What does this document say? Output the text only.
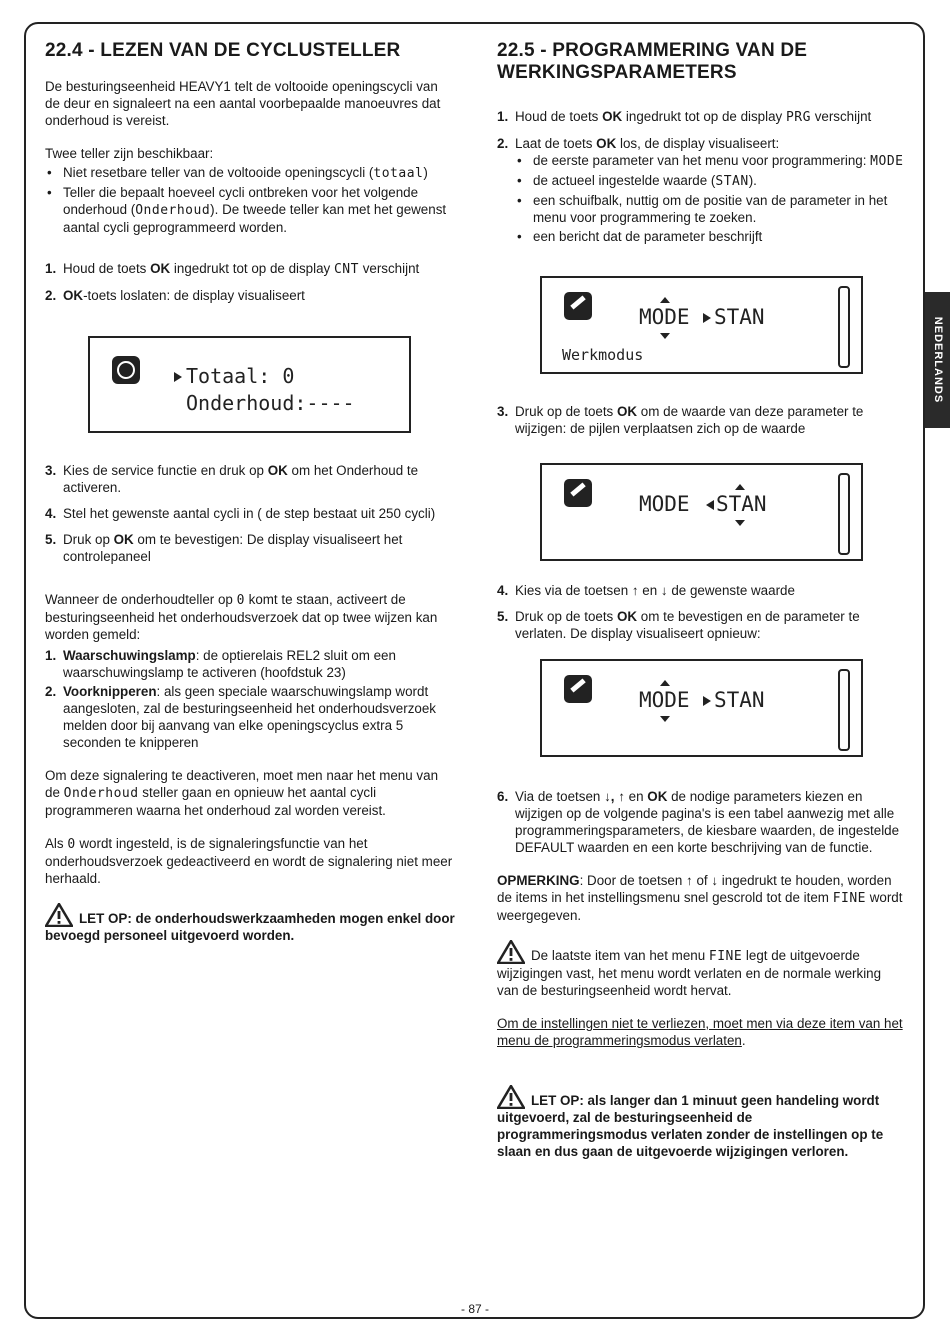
NEDERLANDS
22.4 - LEZEN VAN DE CYCLUSTELLER

De besturingseenheid HEAVY1 telt de voltooide openingscycli van de deur en signaleert na een aantal voorbepaalde manoeuvres dat onderhoud is vereist.

Twee teller zijn beschikbaar:

• Niet resetbare teller van de voltooide openingscycli (totaal)
• Teller die bepaalt hoeveel cycli ontbreken voor het volgende onderhoud (Onderhoud). De tweede teller kan met het gewenst aantal cycli geprogrammeerd worden.
1. Houd de toets OK ingedrukt tot op de display CNT verschijnt
2. OK-toets loslaten: de display visualiseert
Totaal: 0
Onderhoud:----
3. Kies de service functie en druk op OK om het Onderhoud te activeren.
4. Stel het gewenste aantal cycli in ( de step bestaat uit 250 cycli)
5. Druk op OK om te bevestigen: De display visualiseert het controlepaneel

Wanneer de onderhoudteller op 0 komt te staan, activeert de besturingseenheid het onderhoudsverzoek dat op twee wijzen kan worden gemeld:

1. Waarschuwingslamp: de optierelais REL2 sluit om een waarschuwingslamp te activeren (hoofdstuk 23)
2. Voorknipperen: als geen speciale waarschuwingslamp wordt aangesloten, zal de besturingseenheid het onderhoudsverzoek melden door bij aanvang van elke openingscyclus extra 5 seconden te knipperen

Om deze signalering te deactiveren, moet men naar het menu van de Onderhoud steller gaan en opnieuw het aantal cycli programmeren waarna het onderhoud zal worden vereist.

Als 0 wordt ingesteld, is de signaleringsfunctie van het onderhoudsverzoek gedeactiveerd en wordt de signalering niet meer herhaald.

LET OP: de onderhoudswerkzaamheden mogen enkel door bevoegd personeel uitgevoerd worden.

22.5 - PROGRAMMERING VAN DE WERKINGSPARAMETERS
1. Houd de toets OK ingedrukt tot op de display PRG verschijnt
2. Laat de toets OK los, de display visualiseert:
• de eerste parameter van het menu voor programmering: MODE
• de actueel ingestelde waarde (STAN).
• een schuifbalk, nuttig om de positie van de parameter in het menu voor programmering te zoeken.
• een bericht dat de parameter beschrijft
MODE STAN
Werkmodus
3. Druk op de toets OK om de waarde van deze parameter te wijzigen: de pijlen verplaatsen zich op de waarde
MODE STAN
4. Kies via de toetsen ↑ en ↓ de gewenste waarde
5. Druk op de toets OK om te bevestigen en de parameter te verlaten. De display visualiseert opnieuw:
MODE STAN
6. Via de toetsen ↓, ↑ en OK de nodige parameters kiezen en wijzigen op de volgende pagina's is een tabel aanwezig met alle programmeringsparameters, de kiesbare waarden, de ingestelde DEFAULT waarden en een korte beschrijving van de functie.

OPMERKING: Door de toetsen ↑ of ↓ ingedrukt te houden, worden de items in het instellingsmenu snel gescrold tot de item FINE wordt weergegeven.

De laatste item van het menu FINE legt de uitgevoerde wijzigingen vast, het menu wordt verlaten en de normale werking van de besturingseenheid wordt hervat.

Om de instellingen niet te verliezen, moet men via deze item van het menu de programmeringsmodus verlaten.

LET OP: als langer dan 1 minuut geen handeling wordt uitgevoerd, zal de besturingseenheid de programmeringsmodus verlaten zonder de instellingen op te slaan en dus gaan de uitgevoerde wijzigingen verloren.

- 87 -
